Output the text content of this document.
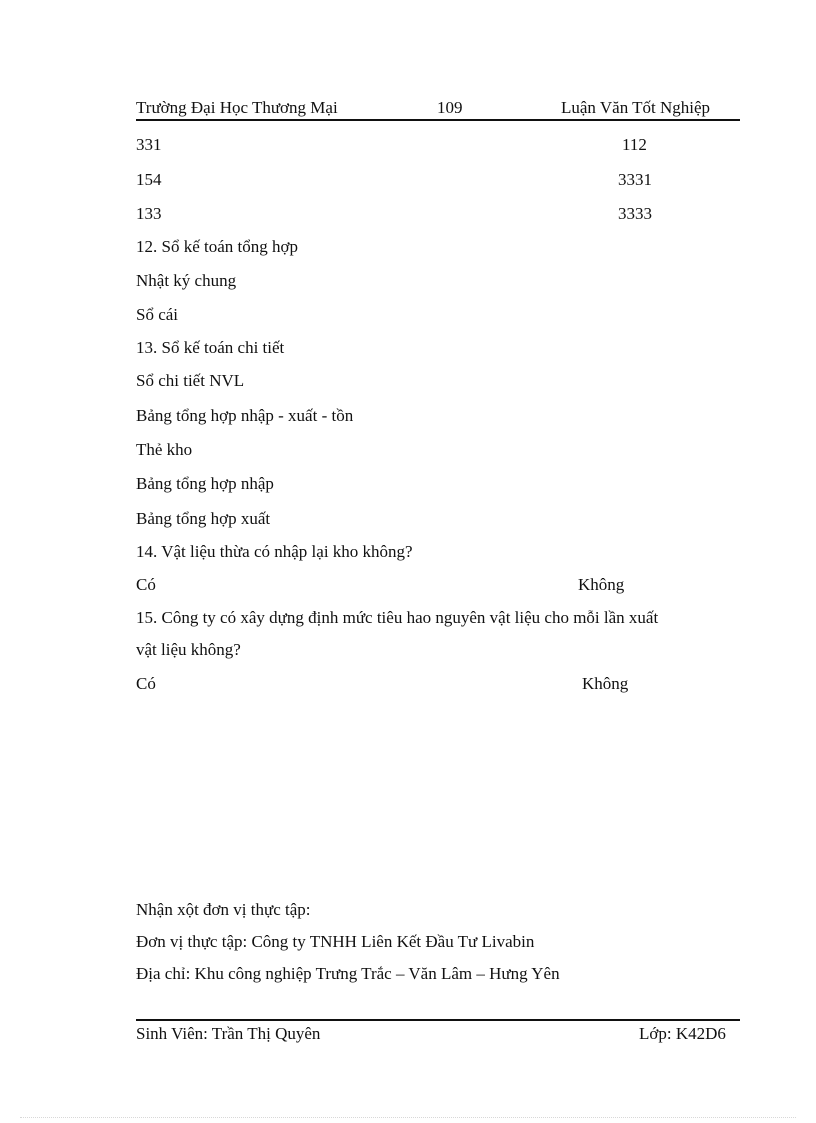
Trường Đại Học Thương Mại	109	Luận Văn Tốt Nghiệp
331	112
154	3331
133	3333
12. Sổ kế toán tổng hợp
Nhật ký chung
Sổ cái
13. Sổ kế toán chi tiết
Sổ chi tiết NVL
Bảng tổng hợp nhập - xuất - tồn
Thẻ kho
Bảng tổng hợp nhập
Bảng tổng hợp xuất
14. Vật liệu thừa có nhập lại kho không?
Có	Không
15. Công ty có xây dựng định mức tiêu hao nguyên vật liệu cho mỗi lần xuất
vật liệu không?
Có	Không
Nhận xột đơn vị thực tập:
Đơn vị thực tập: Công ty TNHH Liên Kết Đầu Tư Livabin
Địa chỉ: Khu công nghiệp Trưng Trắc – Văn Lâm – Hưng Yên
Sinh Viên: Trần Thị Quyên	Lớp: K42D6
